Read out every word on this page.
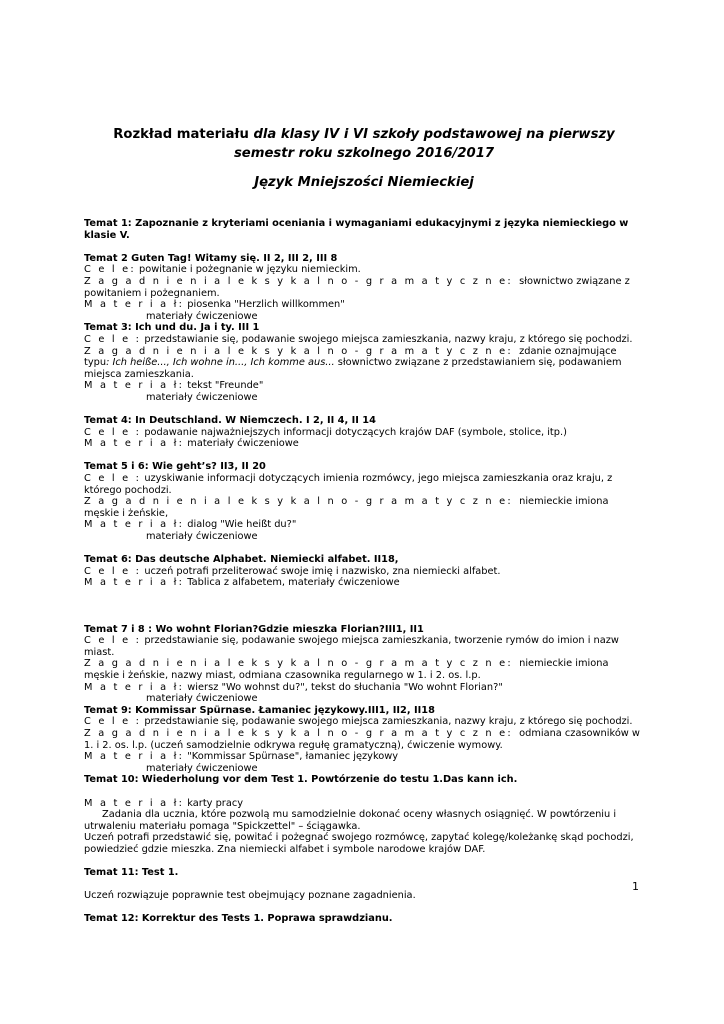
Rozkład materiału dla klasy IV i VI szkoły podstawowej na pierwszy semestr roku szkolnego 2016/2017
Język Mniejszości Niemieckiej

Temat 1: Zapoznanie z kryteriami oceniania i wymaganiami edukacyjnymi z języka niemieckiego w klasie V.

Temat 2 Guten Tag! Witamy się. II 2, III 2, III 8

C e l e: powitanie i pożegnanie w języku niemieckim.

Z a g a d n i e n i a l e k s y k a l n o - g r a m a t y c z n e: słownictwo związane z powitaniem i pożegnaniem.

M a t e r i a ł: piosenka "Herzlich willkommen"

materiały ćwiczeniowe

Temat 3: Ich und du. Ja i ty. III 1

C e l e : przedstawianie się, podawanie swojego miejsca zamieszkania, nazwy kraju, z którego się pochodzi.

Z a g a d n i e n i a l e k s y k a l n o - g r a m a t y c z n e: zdanie oznajmujące typu: Ich heiße..., Ich wohne in..., Ich komme aus... słownictwo związane z przedstawianiem się, podawaniem miejsca zamieszkania.

M a t e r i a ł: tekst "Freunde"

materiały ćwiczeniowe

Temat 4: In Deutschland. W Niemczech. I 2, II 4, II 14

C e l e : podawanie najważniejszych informacji dotyczących krajów DAF (symbole, stolice, itp.)

M a t e r i a ł: materiały ćwiczeniowe

Temat 5 i 6: Wie geht’s? II3, II 20

C e l e : uzyskiwanie informacji dotyczących imienia rozmówcy, jego miejsca zamieszkania oraz kraju, z którego pochodzi.

Z a g a d n i e n i a l e k s y k a l n o - g r a m a t y c z n e: niemieckie imiona męskie i żeńskie,

M a t e r i a ł: dialog "Wie heißt du?"

materiały ćwiczeniowe

Temat 6: Das deutsche Alphabet. Niemiecki alfabet. II18,

C e l e : uczeń potrafi przeliterować swoje imię i nazwisko, zna niemiecki alfabet.

M a t e r i a ł: Tablica z alfabetem, materiały ćwiczeniowe

Temat 7 i 8 : Wo wohnt Florian?Gdzie mieszka Florian?III1, II1

C e l e : przedstawianie się, podawanie swojego miejsca zamieszkania, tworzenie rymów do imion i nazw miast.

Z a g a d n i e n i a l e k s y k a l n o - g r a m a t y c z n e: niemieckie imiona męskie i żeńskie, nazwy miast, odmiana czasownika regularnego w 1. i 2. os. l.p.

M a t e r i a ł: wiersz "Wo wohnst du?", tekst do słuchania "Wo wohnt Florian?"

materiały ćwiczeniowe

Temat 9: Kommissar Spürnase. Łamaniec językowy.III1, II2, II18

C e l e : przedstawianie się, podawanie swojego miejsca zamieszkania, nazwy kraju, z którego się pochodzi.

Z a g a d n i e n i a l e k s y k a l n o - g r a m a t y c z n e: odmiana czasowników w 1. i 2. os. l.p. (uczeń samodzielnie odkrywa regułę gramatyczną), ćwiczenie wymowy.

M a t e r i a ł: "Kommissar Spürnase", łamaniec językowy

materiały ćwiczeniowe

Temat 10: Wiederholung vor dem Test 1. Powtórzenie do testu 1.Das kann ich.

M a t e r i a ł: karty pracy

Zadania dla ucznia, które pozwolą mu samodzielnie dokonać oceny własnych osiągnięć. W powtórzeniu i utrwaleniu materiału pomaga "Spickzettel" – ściągawka.

Uczeń potrafi przedstawić się, powitać i pożegnać swojego rozmówcę, zapytać kolegę/koleżankę skąd pochodzi, powiedzieć gdzie mieszka. Zna niemiecki alfabet i symbole narodowe krajów DAF.

Temat 11: Test 1.

Uczeń rozwiązuje poprawnie test obejmujący poznane zagadnienia.

Temat 12: Korrektur des Tests 1. Poprawa sprawdzianu.

1
